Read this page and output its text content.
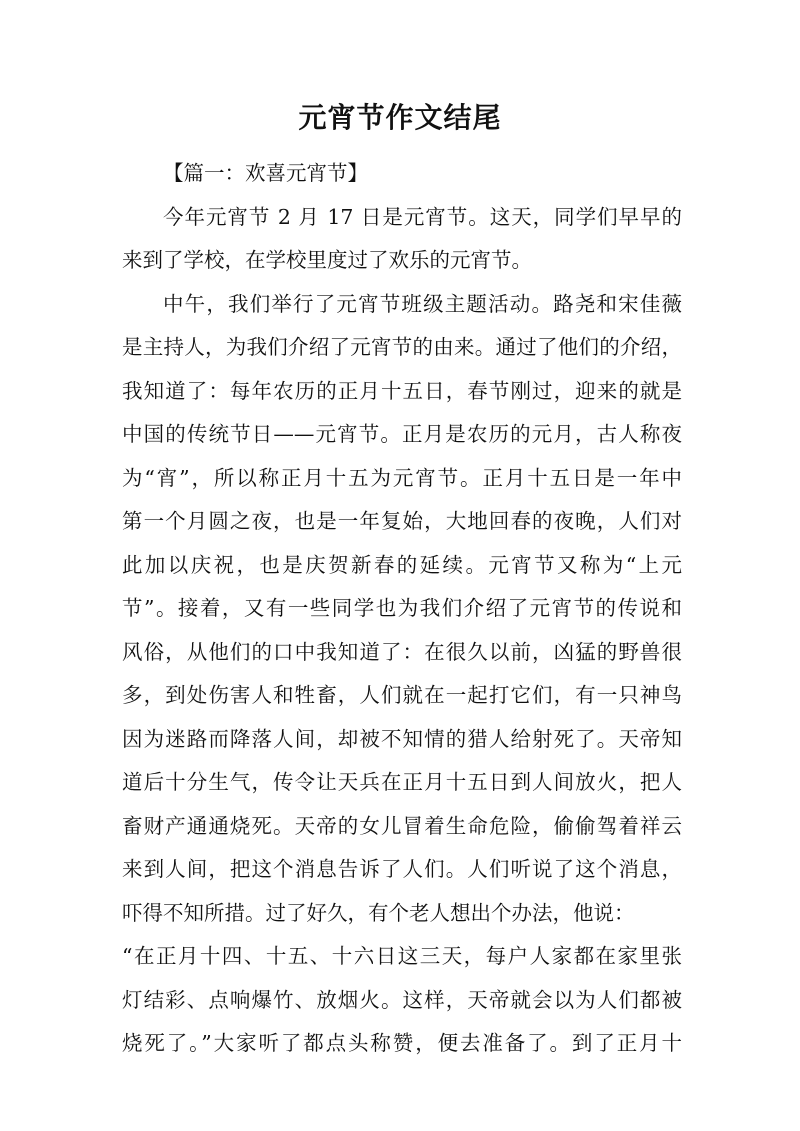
元宵节作文结尾
【篇一：欢喜元宵节】
今年元宵节 2 月 17 日是元宵节。这天，同学们早早的
来到了学校，在学校里度过了欢乐的元宵节。
中午，我们举行了元宵节班级主题活动。路尧和宋佳薇
是主持人，为我们介绍了元宵节的由来。通过了他们的介绍，
我知道了：每年农历的正月十五日，春节刚过，迎来的就是
中国的传统节日——元宵节。正月是农历的元月，古人称夜
为“宵”，所以称正月十五为元宵节。正月十五日是一年中
第一个月圆之夜，也是一年复始，大地回春的夜晚，人们对
此加以庆祝，也是庆贺新春的延续。元宵节又称为“上元
节”。接着，又有一些同学也为我们介绍了元宵节的传说和
风俗，从他们的口中我知道了：在很久以前，凶猛的野兽很
多，到处伤害人和牲畜，人们就在一起打它们，有一只神鸟
因为迷路而降落人间，却被不知情的猎人给射死了。天帝知
道后十分生气，传令让天兵在正月十五日到人间放火，把人
畜财产通通烧死。天帝的女儿冒着生命危险，偷偷驾着祥云
来到人间，把这个消息告诉了人们。人们听说了这个消息，
吓得不知所措。过了好久，有个老人想出个办法，他说：
“在正月十四、十五、十六日这三天，每户人家都在家里张
灯结彩、点响爆竹、放烟火。这样，天帝就会以为人们都被
烧死了。”大家听了都点头称赞，便去准备了。到了正月十
